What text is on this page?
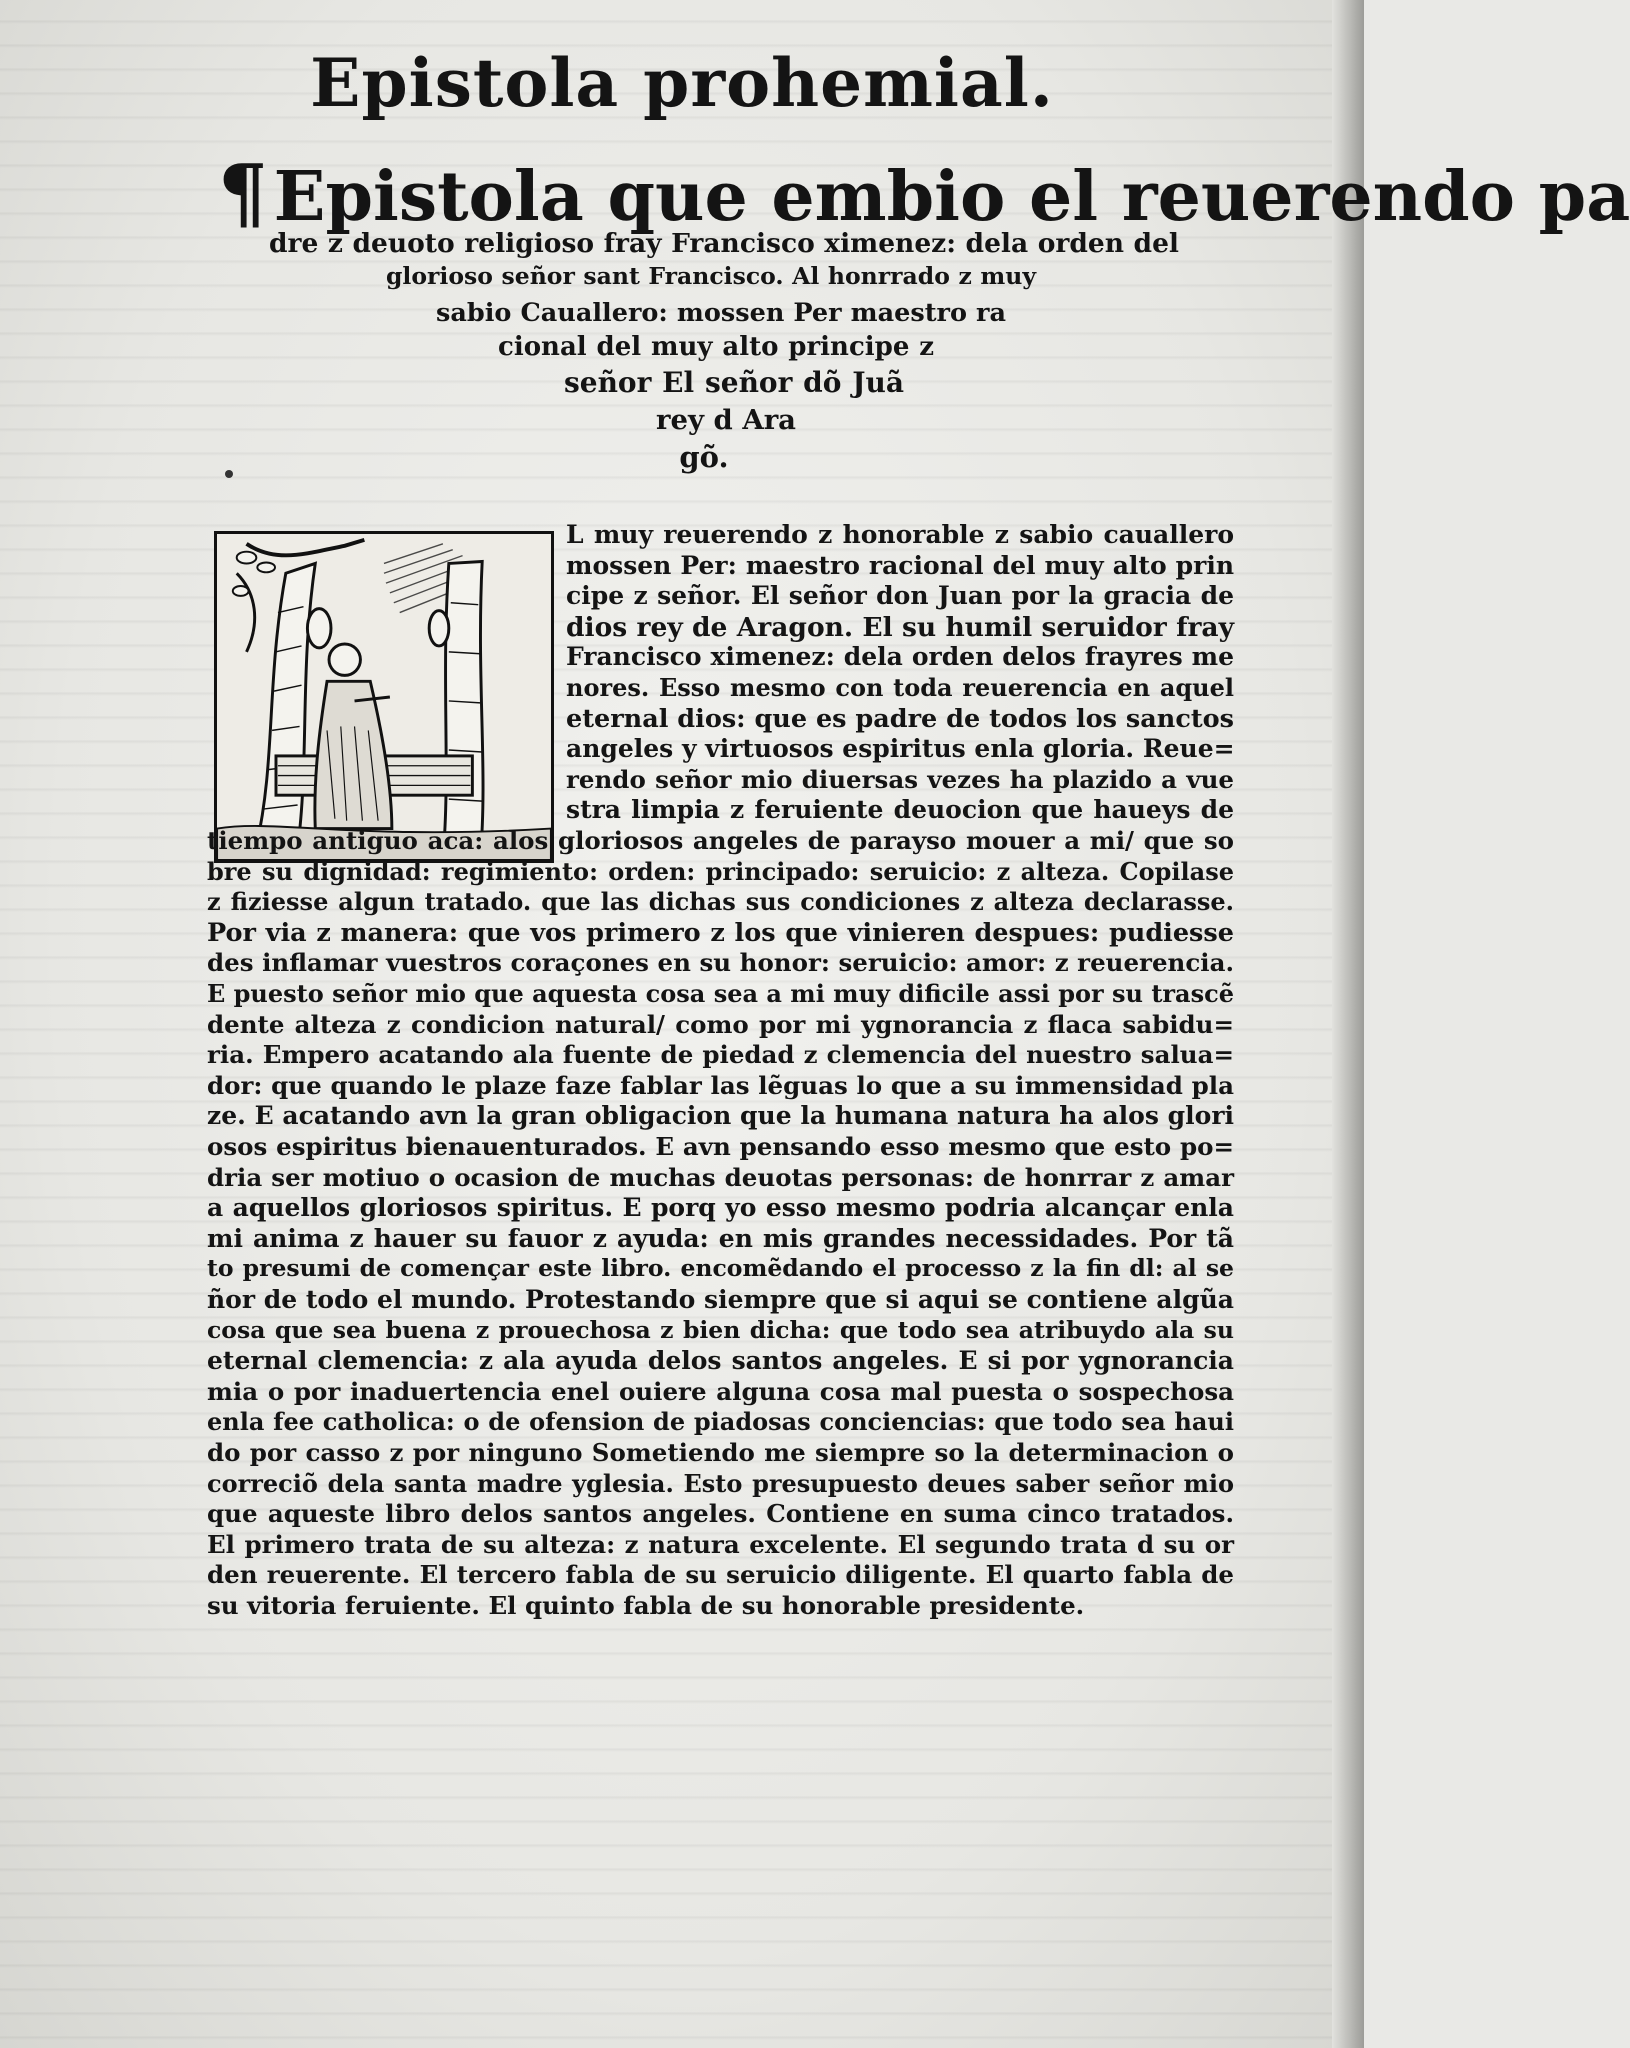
Epistola prohemial.
¶Epistola que embio el reuerendo pa
dre z deuoto religioso fray Francisco ximenez: dela orden del
glorioso señor sant Francisco. Al honrrado z muy
sabio Cauallero: mossen Per maestro ra
cional del muy alto principe z
señor El señor dõ Juã
rey d Ara
gõ.
L muy reuerendo z honorable z sabio cauallero
mossen Per: maestro racional del muy alto prin
cipe z señor. El señor don Juan por la gracia de
dios rey de Aragon. El su humil seruidor fray
Francisco ximenez: dela orden delos frayres me
nores. Esso mesmo con toda reuerencia en aquel
eternal dios: que es padre de todos los sanctos
angeles y virtuosos espiritus enla gloria. Reue=
rendo señor mio diuersas vezes ha plazido a vue
stra limpia z feruiente deuocion que haueys de
tiempo antiguo aca: alos gloriosos angeles de parayso mouer a mi/ que so
bre su dignidad: regimiento: orden: principado: seruicio: z alteza. Copilase
z fiziesse algun tratado. que las dichas sus condiciones z alteza declarasse.
Por via z manera: que vos primero z los que vinieren despues: pudiesse
des inflamar vuestros coraçones en su honor: seruicio: amor: z reuerencia.
E puesto señor mio que aquesta cosa sea a mi muy dificile assi por su trascẽ
dente alteza z condicion natural/ como por mi ygnorancia z flaca sabidu=
ria. Empero acatando ala fuente de piedad z clemencia del nuestro salua=
dor: que quando le plaze faze fablar las lẽguas lo que a su immensidad pla
ze. E acatando avn la gran obligacion que la humana natura ha alos glori
osos espiritus bienauenturados. E avn pensando esso mesmo que esto po=
dria ser motiuo o ocasion de muchas deuotas personas: de honrrar z amar
a aquellos gloriosos spiritus. E porq yo esso mesmo podria alcançar enla
mi anima z hauer su fauor z ayuda: en mis grandes necessidades. Por tã
to presumi de començar este libro. encomẽdando el processo z la fin dl: al se
ñor de todo el mundo. Protestando siempre que si aqui se contiene algũa
cosa que sea buena z prouechosa z bien dicha: que todo sea atribuydo ala su
eternal clemencia: z ala ayuda delos santos angeles. E si por ygnorancia
mia o por inaduertencia enel ouiere alguna cosa mal puesta o sospechosa
enla fee catholica: o de ofension de piadosas conciencias: que todo sea haui
do por casso z por ninguno Sometiendo me siempre so la determinacion o
correciõ dela santa madre yglesia. Esto presupuesto deues saber señor mio
que aqueste libro delos santos angeles. Contiene en suma cinco tratados.
El primero trata de su alteza: z natura excelente. El segundo trata d su or
den reuerente. El tercero fabla de su seruicio diligente. El quarto fabla de
su vitoria feruiente. El quinto fabla de su honorable presidente.
